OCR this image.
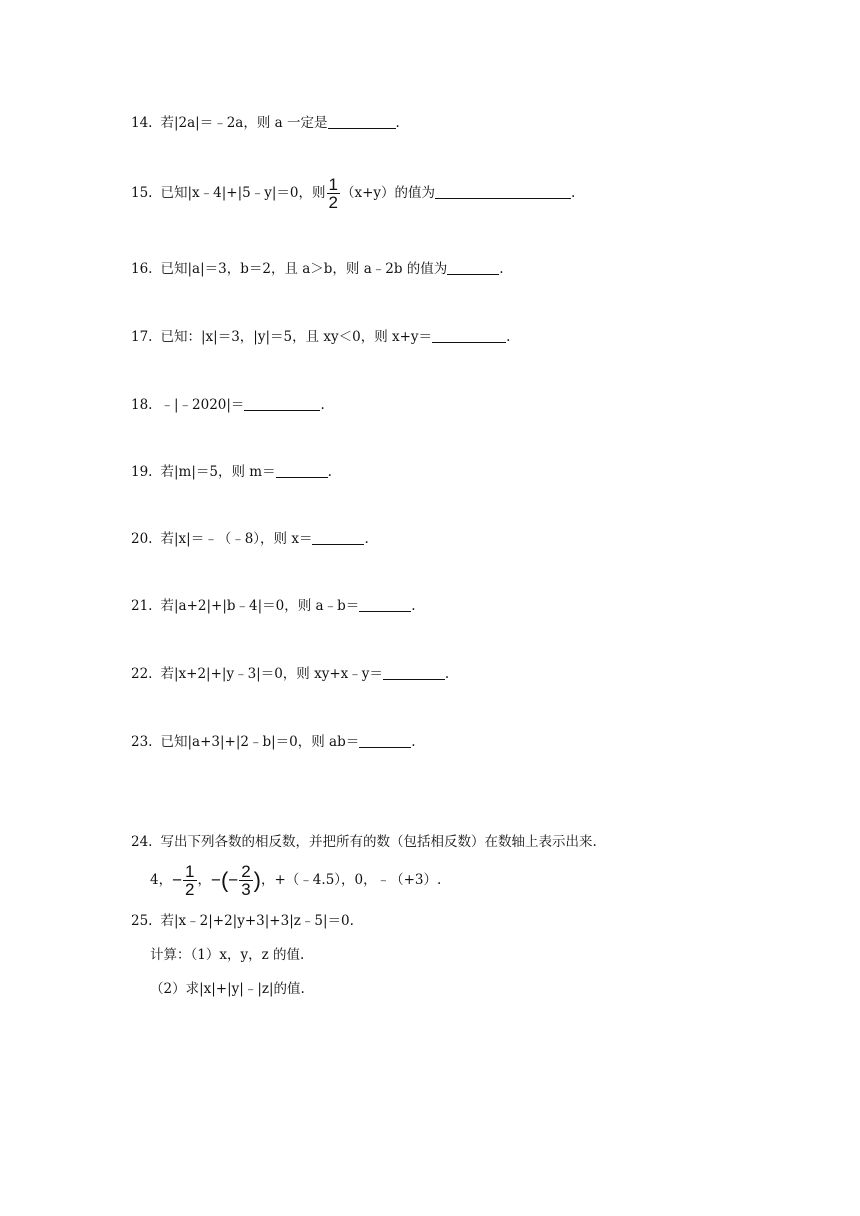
14. 若|2a|＝﹣2a，则 a 一定是	.
15. 已知|x﹣4|+|5﹣y|＝0，则 $\frac{1}{2} (x+y)$的值为	.
16. 已知|a|＝3，b＝2，且 a＞b，则 a﹣2b 的值为	.
17. 已知：|x|＝3，|y|＝5，且 xy＜0，则 x+y＝	.
18. ﹣|﹣2020|＝	.
19. 若|m|＝5，则 m＝	.
20. 若|x|＝﹣（﹣8），则 x＝	.
21. 若|a+2|+|b﹣4|＝0，则 a﹣b＝	.
22. 若|x+2|+|y﹣3|＝0，则 xy+x﹣y＝	.
23. 已知|a+3|+|2﹣b|＝0，则 ab＝	.
24. 写出下列各数的相反数，并把所有的数（包括相反数）在数轴上表示出来.
4，− $\frac{1}{2}$ ，−(− $\frac{2}{3}$ )，+（﹣4.5），0，﹣（+3）.
25. 若|x﹣2|+2|y+3|+3|z﹣5|＝0.
计算：（1）x，y，z 的值.
（2）求|x|+|y|﹣|z|的值.
